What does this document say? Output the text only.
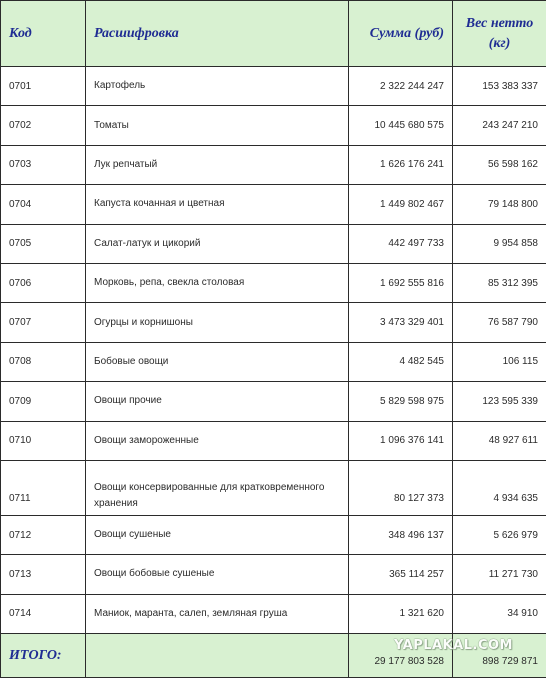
Код	Расшифровка	Сумма (руб)	Вес нетто
(кг)
0701	Картофель	2 322 244 247	153 383 337
0702	Томаты	10 445 680 575	243 247 210
0703	Лук репчатый	1 626 176 241	56 598 162
0704	Капуста кочанная и цветная	1 449 802 467	79 148 800
0705	Салат-латук и цикорий	442 497 733	9 954 858
0706	Морковь, репа, свекла столовая	1 692 555 816	85 312 395
0707	Огурцы и корнишоны	3 473 329 401	76 587 790
0708	Бобовые овощи	4 482 545	106 115
0709	Овощи прочие	5 829 598 975	123 595 339
0710	Овощи замороженные	1 096 376 141	48 927 611
0711	Овощи консервированные для кратковременного хранения	80 127 373	4 934 635
0712	Овощи сушеные	348 496 137	5 626 979
0713	Овощи бобовые сушеные	365 114 257	11 271 730
0714	Маниок, маранта, салеп, земляная груша	1 321 620	34 910
ИТОГО:		29 177 803 528	898 729 871
YAPLAKAL.COM
